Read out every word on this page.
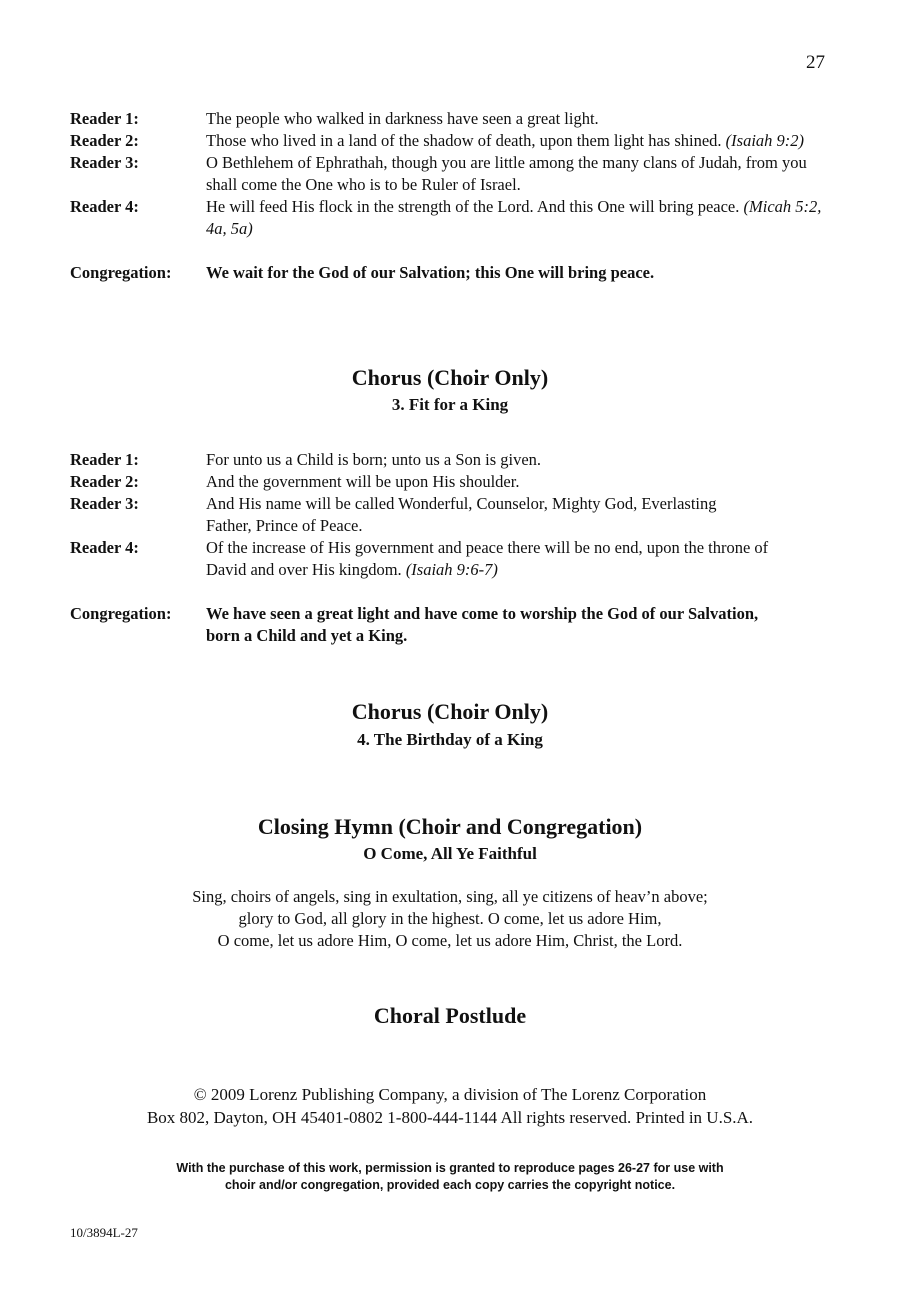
27
Reader 1:	The people who walked in darkness have seen a great light.
Reader 2:	Those who lived in a land of the shadow of death, upon them light has shined. (Isaiah 9:2)
Reader 3:	O Bethlehem of Ephrathah, though you are little among the many clans of Judah, from you shall come the One who is to be Ruler of Israel.
Reader 4:	He will feed His flock in the strength of the Lord. And this One will bring peace. (Micah 5:2, 4a, 5a)
Congregation:	We wait for the God of our Salvation; this One will bring peace.
Chorus (Choir Only)
3. Fit for a King
Reader 1:	For unto us a Child is born; unto us a Son is given.
Reader 2:	And the government will be upon His shoulder.
Reader 3:	And His name will be called Wonderful, Counselor, Mighty God, Everlasting Father, Prince of Peace.
Reader 4:	Of the increase of His government and peace there will be no end, upon the throne of David and over His kingdom. (Isaiah 9:6-7)
Congregation:	We have seen a great light and have come to worship the God of our Salvation, born a Child and yet a King.
Chorus (Choir Only)
4. The Birthday of a King
Closing Hymn (Choir and Congregation)
O Come, All Ye Faithful
Sing, choirs of angels, sing in exultation, sing, all ye citizens of heav’n above;
glory to God, all glory in the highest. O come, let us adore Him,
O come, let us adore Him, O come, let us adore Him, Christ, the Lord.
Choral Postlude
© 2009 Lorenz Publishing Company, a division of The Lorenz Corporation
Box 802, Dayton, OH 45401-0802 1-800-444-1144 All rights reserved. Printed in U.S.A.
With the purchase of this work, permission is granted to reproduce pages 26-27 for use with
choir and/or congregation, provided each copy carries the copyright notice.
10/3894L-27
